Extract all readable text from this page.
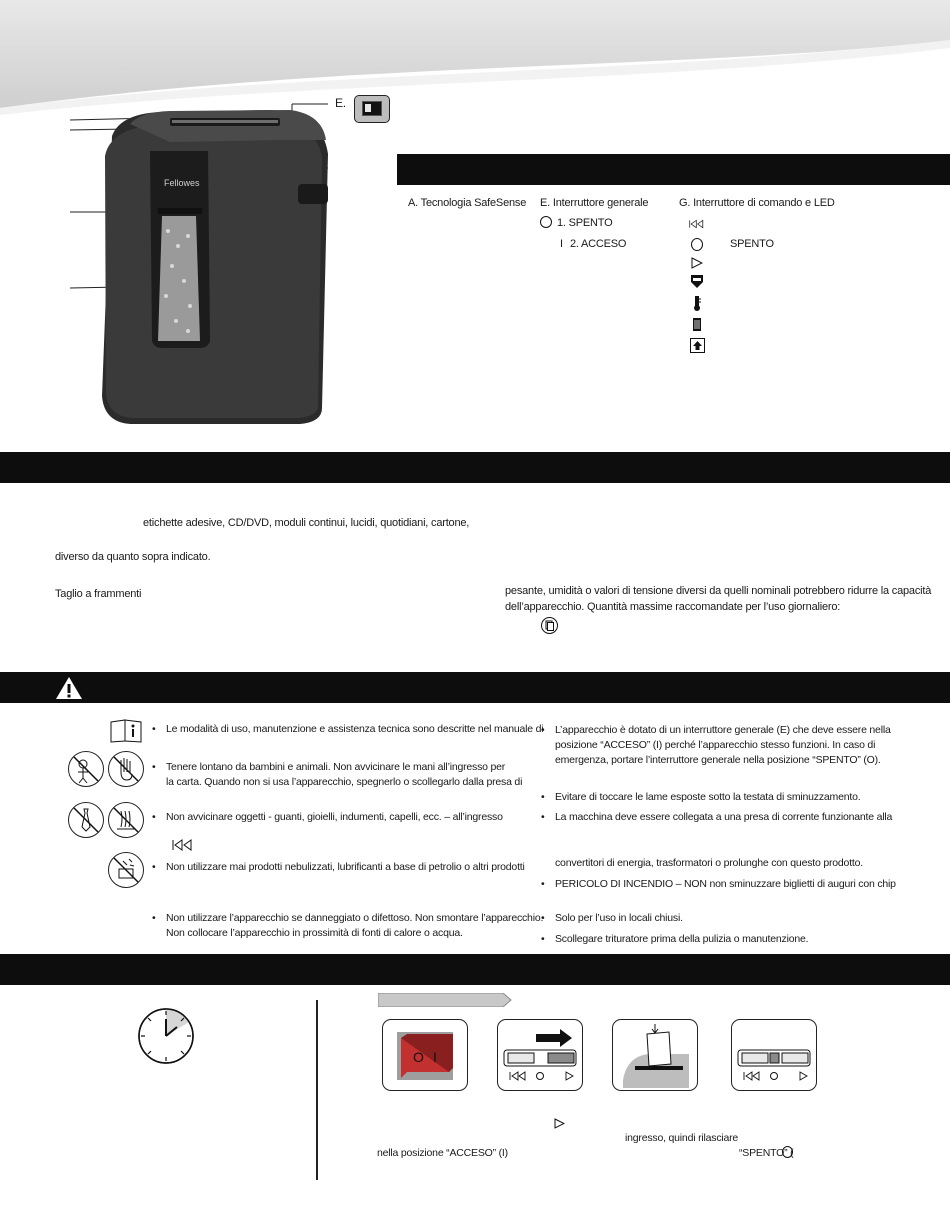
Fellowes
E.
A. Tecnologia SafeSense E. Interruttore generale
1. SPENTO
I 2. ACCESO
G. Interruttore di comando e LED
SPENTO
etichette adesive, CD/DVD, moduli continui, lucidi, quotidiani, cartone,
diverso da quanto sopra indicato.
Taglio a frammenti	pesante, umidità o valori di tensione diversi da quelli nominali potrebbero ridurre la capacità
dell’apparecchio. Quantità massime raccomandate per l’uso giornaliero:
• Le modalità di uso, manutenzione e assistenza tecnica sono descritte nel manuale di
• Tenere lontano da bambini e animali. Non avvicinare le mani all’ingresso per
la carta. Quando non si usa l’apparecchio, spegnerlo o scollegarlo dalla presa di
• Non avvicinare oggetti - guanti, gioielli, indumenti, capelli, ecc. – all’ingresso
• Non utilizzare mai prodotti nebulizzati, lubrificanti a base di petrolio o altri prodotti
• Non utilizzare l’apparecchio se danneggiato o difettoso. Non smontare l’apparecchio.
Non collocare l’apparecchio in prossimità di fonti di calore o acqua.
• L’apparecchio è dotato di un interruttore generale (E) che deve essere nella
posizione “ACCESO” (I) perché l’apparecchio stesso funzioni. In caso di
emergenza, portare l’interruttore generale nella posizione “SPENTO” (O).
• Evitare di toccare le lame esposte sotto la testata di sminuzzamento.
• La macchina deve essere collegata a una presa di corrente funzionante alla
convertitori di energia, trasformatori o prolunghe con questo prodotto.
• PERICOLO DI INCENDIO – NON non sminuzzare biglietti di auguri con chip
• Solo per l’uso in locali chiusi.
• Scollegare trituratore prima della pulizia o manutenzione.
O I
ingresso, quindi rilasciare
nella posizione “ACCESO” (I)	“SPENTO” (
